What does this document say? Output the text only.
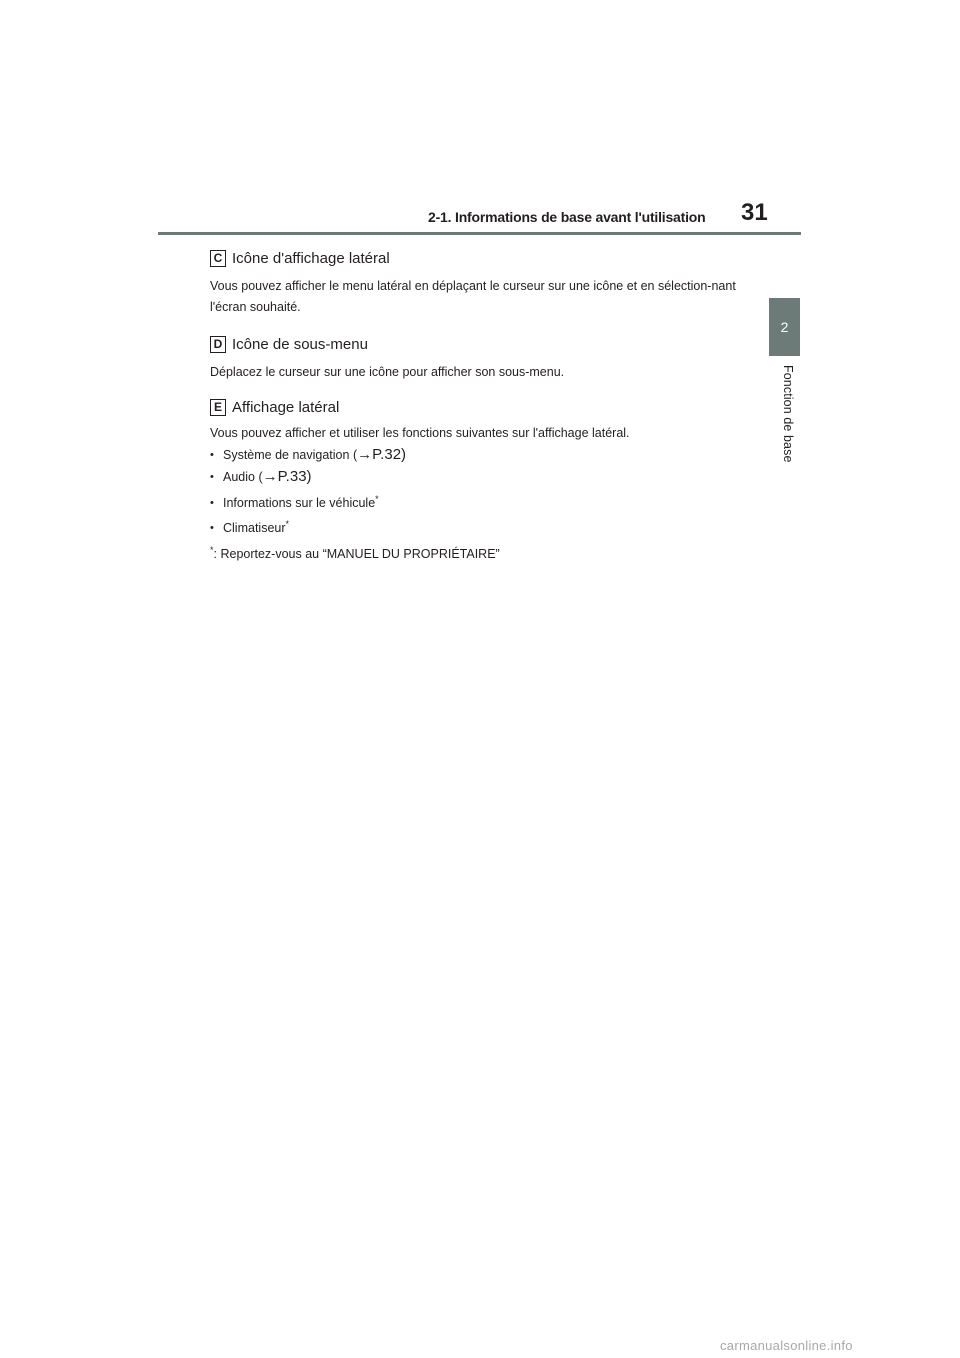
2-1. Informations de base avant l'utilisation 31
2
Fonction de base
C Icône d'affichage latéral

Vous pouvez afficher le menu latéral en déplaçant le curseur sur une icône et en sélection-nant l'écran souhaité.

D Icône de sous-menu

Déplacez le curseur sur une icône pour afficher son sous-menu.

E Affichage latéral

Vous pouvez afficher et utiliser les fonctions suivantes sur l'affichage latéral.

• Système de navigation (→P.32)
• Audio (→P.33)
• Informations sur le véhicule*
• Climatiseur*
*: Reportez-vous au “MANUEL DU PROPRIÉTAIRE”
carmanualsonline.info
